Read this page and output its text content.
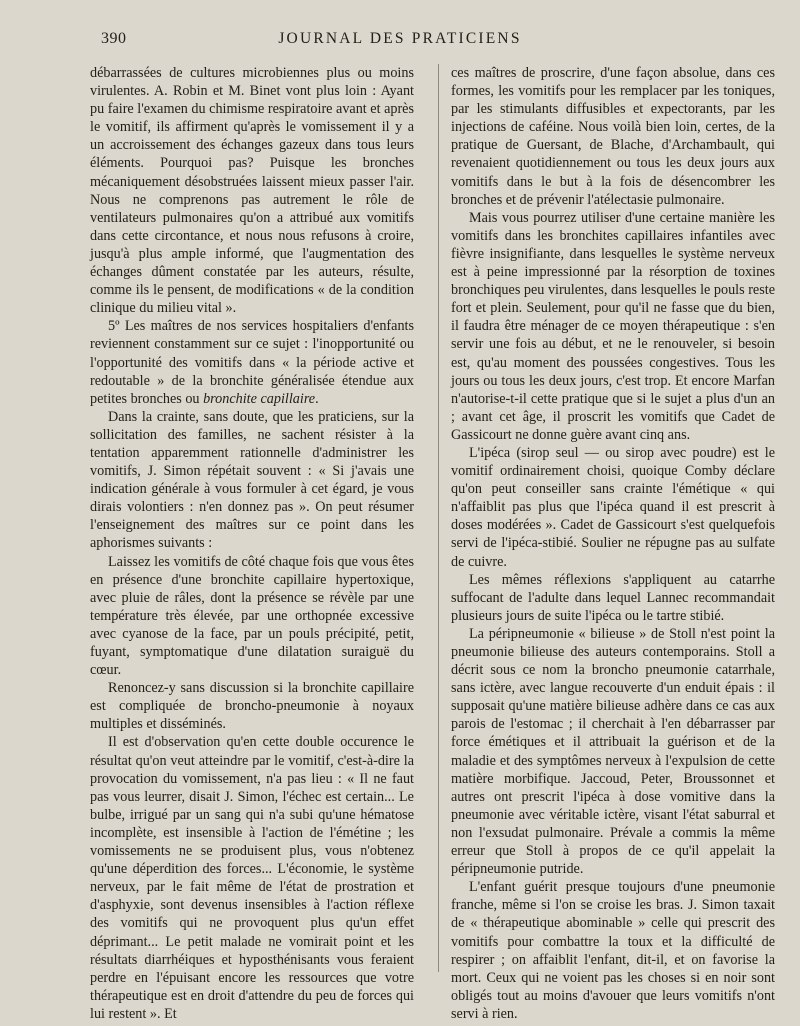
390	JOURNAL DES PRATICIENS

débarrassées de cultures microbiennes plus ou moins virulentes. A. Robin et M. Binet vont plus loin : Ayant pu faire l'examen du chimisme respiratoire avant et après le vomitif, ils affirment qu'après le vomissement il y a un accroissement des échanges gazeux dans tous leurs éléments. Pourquoi pas? Puisque les bronches mécaniquement désobstruées laissent mieux passer l'air. Nous ne comprenons pas autrement le rôle de ventilateurs pulmonaires qu'on a attribué aux vomitifs dans cette circontance, et nous nous refusons à croire, jusqu'à plus ample informé, que l'augmentation des échanges dûment constatée par les auteurs, résulte, comme ils le pensent, de modifications « de la condition clinique du milieu vital ».

5º Les maîtres de nos services hospitaliers d'enfants reviennent constamment sur ce sujet : l'inopportunité ou l'opportunité des vomitifs dans « la période active et redoutable » de la bronchite généralisée étendue aux petites bronches ou bronchite capillaire.

Dans la crainte, sans doute, que les praticiens, sur la sollicitation des familles, ne sachent résister à la tentation apparemment rationnelle d'administrer les vomitifs, J. Simon répétait souvent : « Si j'avais une indication générale à vous formuler à cet égard, je vous dirais volontiers : n'en donnez pas ». On peut résumer l'enseignement des maîtres sur ce point dans les aphorismes suivants :

Laissez les vomitifs de côté chaque fois que vous êtes en présence d'une bronchite capillaire hypertoxique, avec pluie de râles, dont la présence se révèle par une température très élevée, par une orthopnée excessive avec cyanose de la face, par un pouls précipité, petit, fuyant, symptomatique d'une dilatation suraiguë du cœur.

Renoncez-y sans discussion si la bronchite capillaire est compliquée de broncho-pneumonie à noyaux multiples et disséminés.

Il est d'observation qu'en cette double occurence le résultat qu'on veut atteindre par le vomitif, c'est-à-dire la provocation du vomissement, n'a pas lieu : « Il ne faut pas vous leurrer, disait J. Simon, l'échec est certain... Le bulbe, irrigué par un sang qui n'a subi qu'une hématose incomplète, est insensible à l'action de l'émétine ; les vomissements ne se produisent plus, vous n'obtenez qu'une déperdition des forces... L'économie, le système nerveux, par le fait même de l'état de prostration et d'asphyxie, sont devenus insensibles à l'action réflexe des vomitifs qui ne provoquent plus qu'un effet déprimant... Le petit malade ne vomirait point et les résultats diarrhéiques et hyposthénisants vous feraient perdre en l'épuisant encore les ressources que votre thérapeutique est en droit d'attendre du peu de forces qui lui restent ». Et

ces maîtres de proscrire, d'une façon absolue, dans ces formes, les vomitifs pour les remplacer par les toniques, par les stimulants diffusibles et expectorants, par les injections de caféine. Nous voilà bien loin, certes, de la pratique de Guersant, de Blache, d'Archambault, qui revenaient quotidiennement ou tous les deux jours aux vomitifs dans le but à la fois de désencombrer les bronches et de prévenir l'atélectasie pulmonaire.

Mais vous pourrez utiliser d'une certaine manière les vomitifs dans les bronchites capillaires infantiles avec fièvre insignifiante, dans lesquelles le système nerveux est à peine impressionné par la résorption de toxines bronchiques peu virulentes, dans lesquelles le pouls reste fort et plein. Seulement, pour qu'il ne fasse que du bien, il faudra être ménager de ce moyen thérapeutique : s'en servir une fois au début, et ne le renouveler, si besoin est, qu'au moment des poussées congestives. Tous les jours ou tous les deux jours, c'est trop. Et encore Marfan n'autorise-t-il cette pratique que si le sujet a plus d'un an ; avant cet âge, il proscrit les vomitifs que Cadet de Gassicourt ne donne guère avant cinq ans.

L'ipéca (sirop seul — ou sirop avec poudre) est le vomitif ordinairement choisi, quoique Comby déclare qu'on peut conseiller sans crainte l'émétique « qui n'affaiblit pas plus que l'ipéca quand il est prescrit à doses modérées ». Cadet de Gassicourt s'est quelquefois servi de l'ipéca-stibié. Soulier ne répugne pas au sulfate de cuivre.

Les mêmes réflexions s'appliquent au catarrhe suffocant de l'adulte dans lequel Lannec recommandait plusieurs jours de suite l'ipéca ou le tartre stibié.

La péripneumonie « bilieuse » de Stoll n'est point la pneumonie bilieuse des auteurs contemporains. Stoll a décrit sous ce nom la broncho pneumonie catarrhale, sans ictère, avec langue recouverte d'un enduit épais : il supposait qu'une matière bilieuse adhère dans ce cas aux parois de l'estomac ; il cherchait à l'en débarrasser par force émétiques et il attribuait la guérison et de la maladie et des symptômes nerveux à l'expulsion de cette matière morbifique. Jaccoud, Peter, Broussonnet et autres ont prescrit l'ipéca à dose vomitive dans la pneumonie avec véritable ictère, visant l'état saburral et non l'exsudat pulmonaire. Prévale a commis la même erreur que Stoll à propos de ce qu'il appelait la péripneumonie putride.

L'enfant guérit presque toujours d'une pneumonie franche, même si l'on se croise les bras. J. Simon taxait de « thérapeutique abominable » celle qui prescrit des vomitifs pour combattre la toux et la difficulté de respirer ; on affaiblit l'enfant, dit-il, et on favorise la mort. Ceux qui ne voient pas les choses si en noir sont obligés tout au moins d'avouer que leurs vomitifs n'ont servi à rien.
